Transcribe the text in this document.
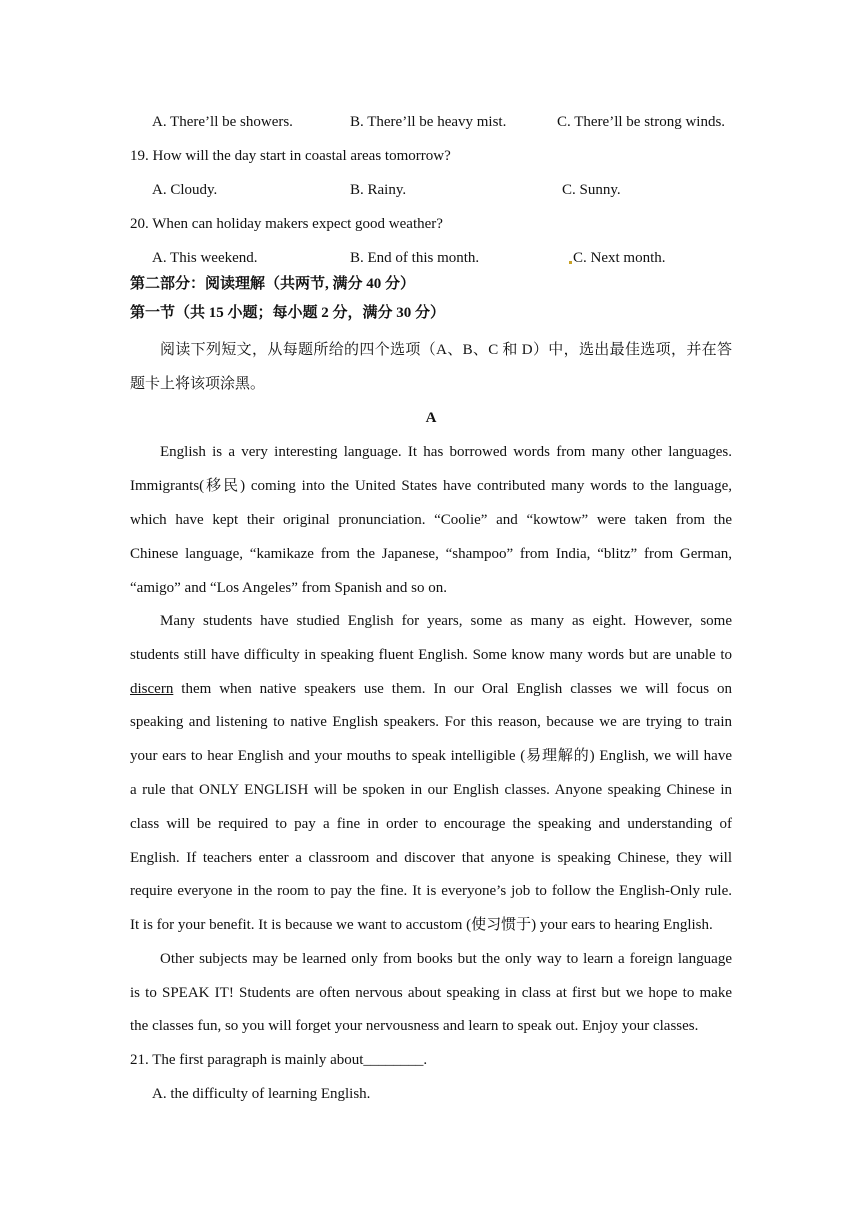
A. There’ll be showers.	B. There’ll be heavy mist.	C. There’ll be strong winds.
19. How will the day start in coastal areas tomorrow?
A. Cloudy.	B. Rainy.	C. Sunny.
20. When can holiday makers expect good weather?
A. This weekend.	B. End of this month.	C. Next month.
第二部分：阅读理解（共两节, 满分 40 分）
第一节（共 15 小题；每小题 2 分，满分 30 分）
阅读下列短文，从每题所给的四个选项（A、B、C 和 D）中，选出最佳选项，并在答
题卡上将该项涂黑。
A
English is a very interesting language. It has borrowed words from many other languages.
Immigrants(移民) coming into the United States have contributed many words to the language,
which have kept their original pronunciation. “Coolie” and “kowtow” were taken from the
Chinese language, “kamikaze from the Japanese, “shampoo” from India, “blitz” from German,
“amigo” and “Los Angeles” from Spanish and so on.
Many students have studied English for years, some as many as eight. However, some
students still have difficulty in speaking fluent English. Some know many words but are unable to
discern them when native speakers use them. In our Oral English classes we will focus on
speaking and listening to native English speakers. For this reason, because we are trying to train
your ears to hear English and your mouths to speak intelligible (易理解的) English, we will have
a rule that ONLY ENGLISH will be spoken in our English classes. Anyone speaking Chinese in
class will be required to pay a fine in order to encourage the speaking and understanding of
English. If teachers enter a classroom and discover that anyone is speaking Chinese, they will
require everyone in the room to pay the fine. It is everyone’s job to follow the English-Only rule.
It is for your benefit. It is because we want to accustom (使习惯于) your ears to hearing English.
Other subjects may be learned only from books but the only way to learn a foreign language
is to SPEAK IT! Students are often nervous about speaking in class at first but we hope to make
the classes fun, so you will forget your nervousness and learn to speak out. Enjoy your classes.
21. The first paragraph is mainly about________.
A. the difficulty of learning English.
